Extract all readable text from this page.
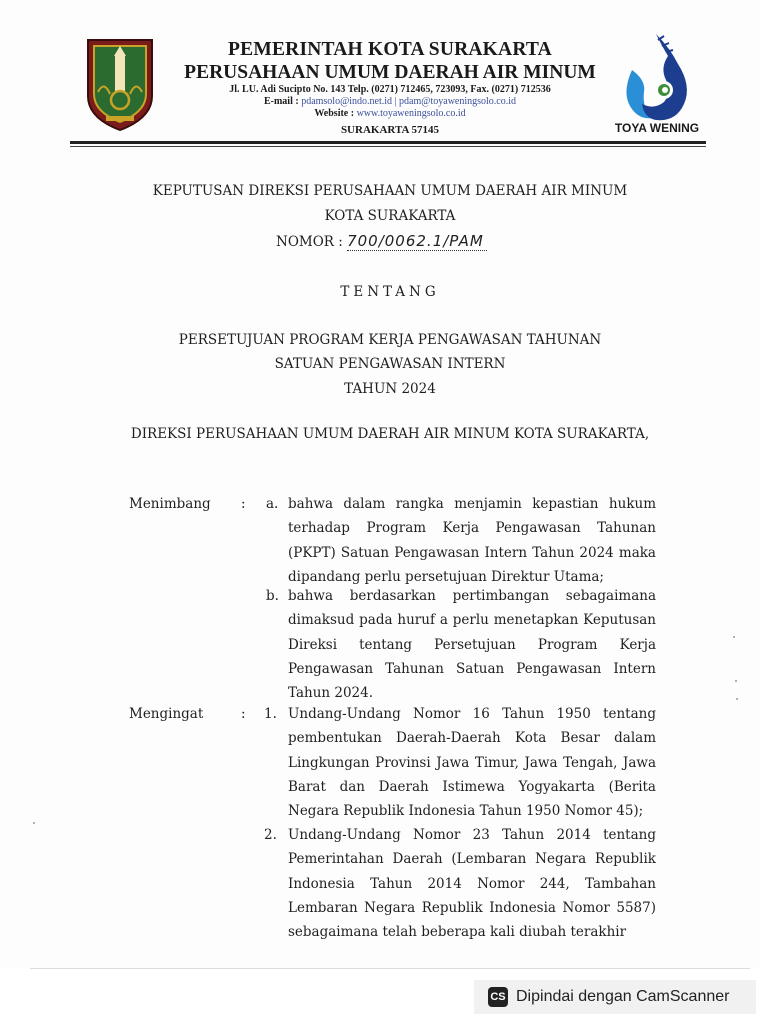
PEMERINTAH KOTA SURAKARTA

PERUSAHAAN UMUM DAERAH AIR MINUM

Jl. LU. Adi Sucipto No. 143 Telp. (0271) 712465, 723093, Fax. (0271) 712536

E-mail : pdamsolo@indo.net.id | pdam@toyaweningsolo.co.id

Website : www.toyaweningsolo.co.id

SURAKARTA 57145	TOYA WENING

KEPUTUSAN DIREKSI PERUSAHAAN UMUM DAERAH AIR MINUM

KOTA SURAKARTA

NOMOR : 700/0062.1/PAM

TENTANG

PERSETUJUAN PROGRAM KERJA PENGAWASAN TAHUNAN

SATUAN PENGAWASAN INTERN

TAHUN 2024

DIREKSI PERUSAHAAN UMUM DAERAH AIR MINUM KOTA SURAKARTA,

Menimbang : a. bahwa dalam rangka menjamin kepastian hukum terhadap Program Kerja Pengawasan Tahunan (PKPT) Satuan Pengawasan Intern Tahun 2024 maka dipandang perlu persetujuan Direktur Utama;

b. bahwa berdasarkan pertimbangan sebagaimana dimaksud pada huruf a perlu menetapkan Keputusan Direksi tentang Persetujuan Program Kerja Pengawasan Tahunan Satuan Pengawasan Intern Tahun 2024.

Mengingat	: 1. Undang-Undang Nomor 16 Tahun 1950 tentang pembentukan Daerah-Daerah Kota Besar dalam Lingkungan Provinsi Jawa Timur, Jawa Tengah, Jawa Barat dan Daerah Istimewa Yogyakarta (Berita Negara Republik Indonesia Tahun 1950 Nomor 45);

2. Undang-Undang Nomor 23 Tahun 2014 tentang Pemerintahan Daerah (Lembaran Negara Republik Indonesia Tahun 2014 Nomor 244, Tambahan Lembaran Negara Republik Indonesia Nomor 5587) sebagaimana telah beberapa kali diubah terakhir

CS Dipindai dengan CamScanner
